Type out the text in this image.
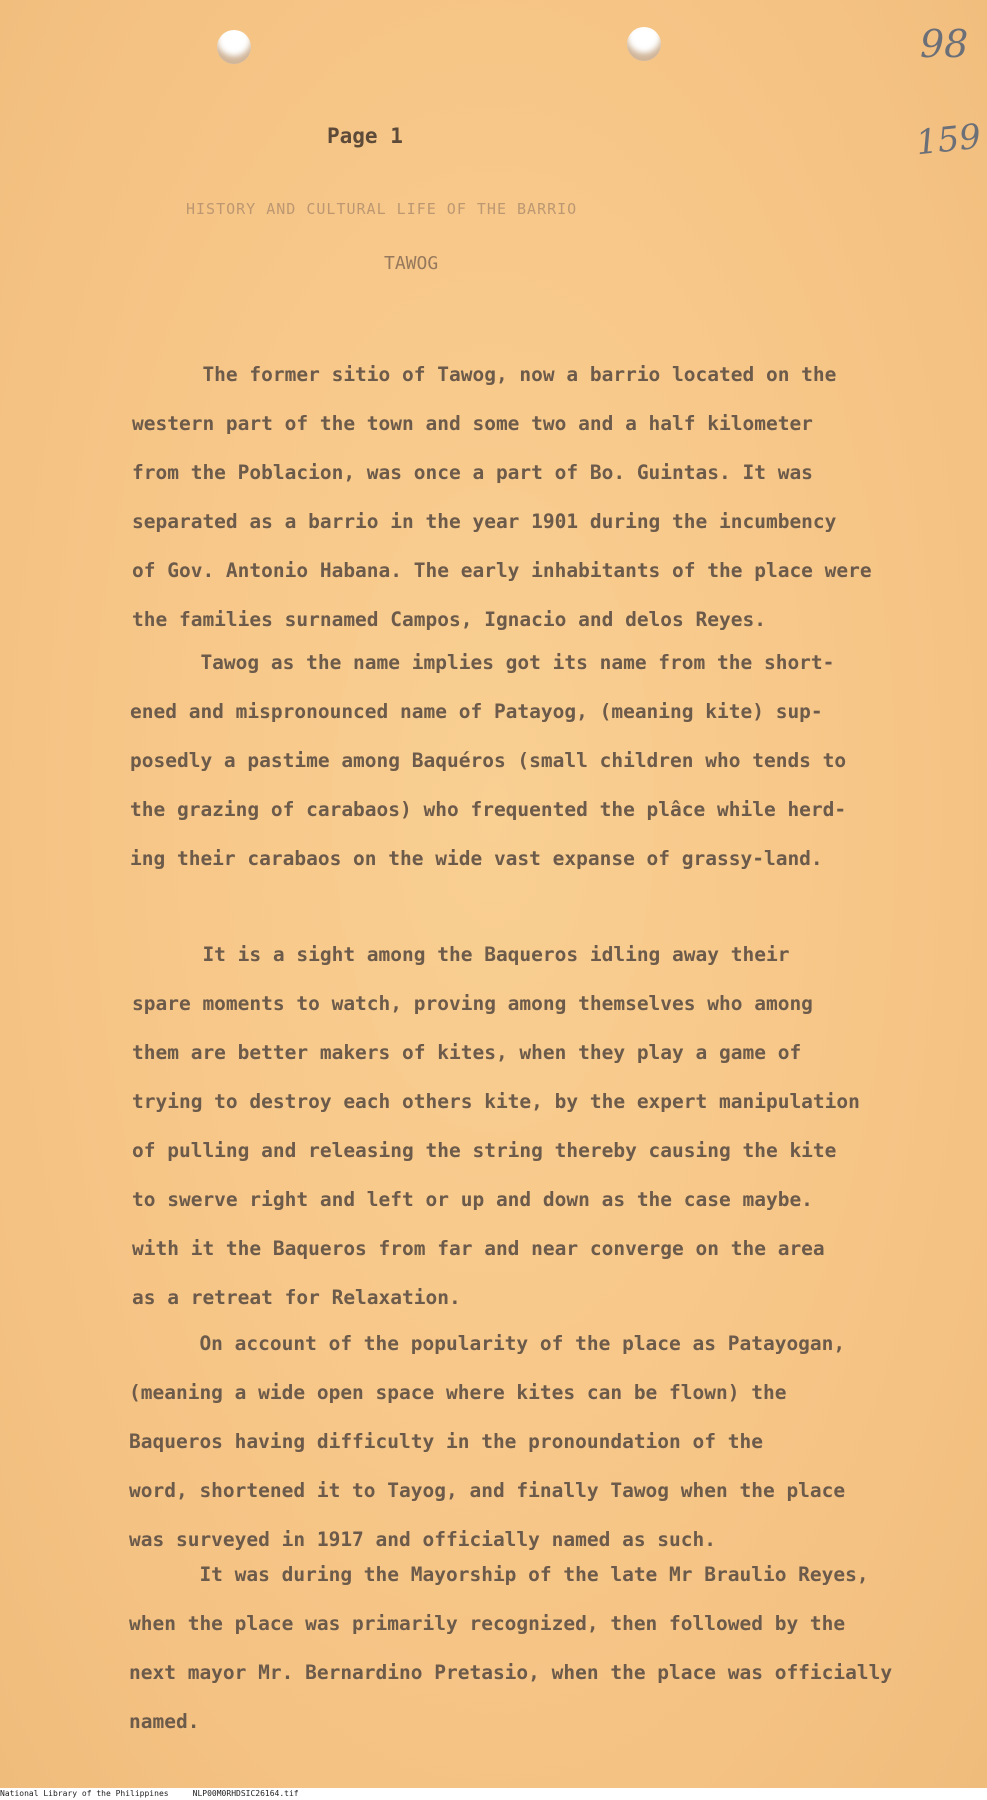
98
159
Page 1
HISTORY AND CULTURAL LIFE OF THE BARRIO
TAWOG
The former sitio of Tawog, now a barrio located on the
western part of the town and some two and a half kilometer
from the Poblacion, was once a part of Bo. Guintas. It was
separated as a barrio in the year 1901 during the incumbency
of Gov. Antonio Habana. The early inhabitants of the place were
the families surnamed Campos, Ignacio and delos Reyes.
Tawog as the name implies got its name from the short-
ened and mispronounced name of Patayog, (meaning kite) sup-
posedly a pastime among Baquéros (small children who tends to
the grazing of carabaos) who frequented the plâce while herd-
ing their carabaos on the wide vast expanse of grassy-land.
It is a sight among the Baqueros idling away their
spare moments to watch, proving among themselves who among
them are better makers of kites, when they play a game of
trying to destroy each others kite, by the expert manipulation
of pulling and releasing the string thereby causing the kite
to swerve right and left or up and down as the case maybe.
with it the Baqueros from far and near converge on the area
as a retreat for Relaxation.
On account of the popularity of the place as Patayogan,
(meaning a wide open space where kites can be flown) the
Baqueros having difficulty in the pronoundation of the
word, shortened it to Tayog, and finally Tawog when the place
was surveyed in 1917 and officially named as such.
It was during the Mayorship of the late Mr Braulio Reyes,
when the place was primarily recognized, then followed by the
next mayor Mr. Bernardino Pretasio, when the place was officially
named.
National Library of the Philippines     NLP00M0RHDSIC26164.tif
